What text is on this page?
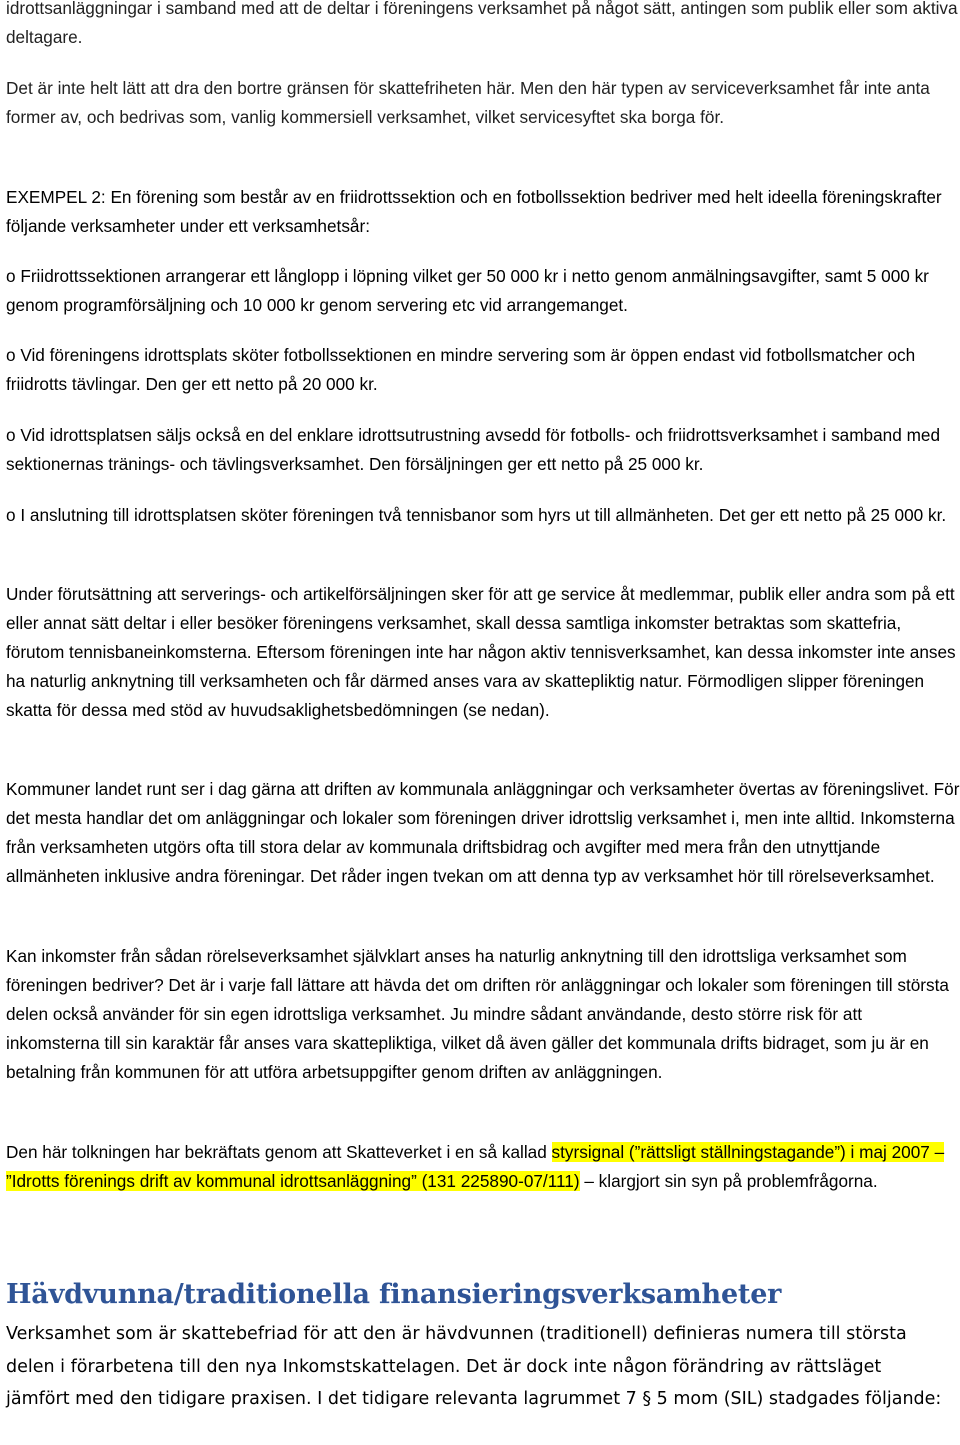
idrottsanläggningar i samband med att de deltar i föreningens verksamhet på något sätt, antingen som publik eller som aktiva deltagare.

Det är inte helt lätt att dra den bortre gränsen för skattefriheten här. Men den här typen av serviceverksamhet får inte anta former av, och bedrivas som, vanlig kommersiell verksamhet, vilket servicesyftet ska borga för.

EXEMPEL 2: En förening som består av en friidrottssektion och en fotbollssektion bedriver med helt ideella föreningskrafter följande verksamheter under ett verksamhetsår:

o Friidrottssektionen arrangerar ett långlopp i löpning vilket ger 50 000 kr i netto genom anmälningsavgifter, samt 5 000 kr genom programförsäljning och 10 000 kr genom servering etc vid arrangemanget.

o Vid föreningens idrottsplats sköter fotbollssektionen en mindre servering som är öppen endast vid fotbollsmatcher och friidrotts tävlingar. Den ger ett netto på 20 000 kr.

o Vid idrottsplatsen säljs också en del enklare idrottsutrustning avsedd för fotbolls- och friidrottsverksamhet i samband med sektionernas tränings- och tävlingsverksamhet. Den försäljningen ger ett netto på 25 000 kr.

o I anslutning till idrottsplatsen sköter föreningen två tennisbanor som hyrs ut till allmänheten. Det ger ett netto på 25 000 kr.

Under förutsättning att serverings- och artikelförsäljningen sker för att ge service åt medlemmar, publik eller andra som på ett eller annat sätt deltar i eller besöker föreningens verksamhet, skall dessa samtliga inkomster betraktas som skattefria, förutom tennisbaneinkomsterna. Eftersom föreningen inte har någon aktiv tennisverksamhet, kan dessa inkomster inte anses ha naturlig anknytning till verksamheten och får därmed anses vara av skattepliktig natur. Förmodligen slipper föreningen skatta för dessa med stöd av huvudsaklighetsbedömningen (se nedan).

Kommuner landet runt ser i dag gärna att driften av kommunala anläggningar och verksamheter övertas av föreningslivet. För det mesta handlar det om anläggningar och lokaler som föreningen driver idrottslig verksamhet i, men inte alltid. Inkomsterna från verksamheten utgörs ofta till stora delar av kommunala driftsbidrag och avgifter med mera från den utnyttjande allmänheten inklusive andra föreningar. Det råder ingen tvekan om att denna typ av verksamhet hör till rörelseverksamhet.

Kan inkomster från sådan rörelseverksamhet självklart anses ha naturlig anknytning till den idrottsliga verksamhet som föreningen bedriver? Det är i varje fall lättare att hävda det om driften rör anläggningar och lokaler som föreningen till största delen också använder för sin egen idrottsliga verksamhet. Ju mindre sådant användande, desto större risk för att inkomsterna till sin karaktär får anses vara skattepliktiga, vilket då även gäller det kommunala drifts bidraget, som ju är en betalning från kommunen för att utföra arbetsuppgifter genom driften av anläggningen.

Den här tolkningen har bekräftats genom att Skatteverket i en så kallad styrsignal (”rättsligt ställningstagande”) i maj 2007 – ”Idrotts förenings drift av kommunal idrottsanläggning” (131 225890-07/111) – klargjort sin syn på problemfrågorna.

Hävdvunna/traditionella finansieringsverksamheter

Verksamhet som är skattebefriad för att den är hävdvunnen (traditionell) definieras numera till största delen i förarbetena till den nya Inkomstskattelagen. Det är dock inte någon förändring av rättsläget jämfört med den tidigare praxisen. I det tidigare relevanta lagrummet 7 § 5 mom (SIL) stadgades följande:
